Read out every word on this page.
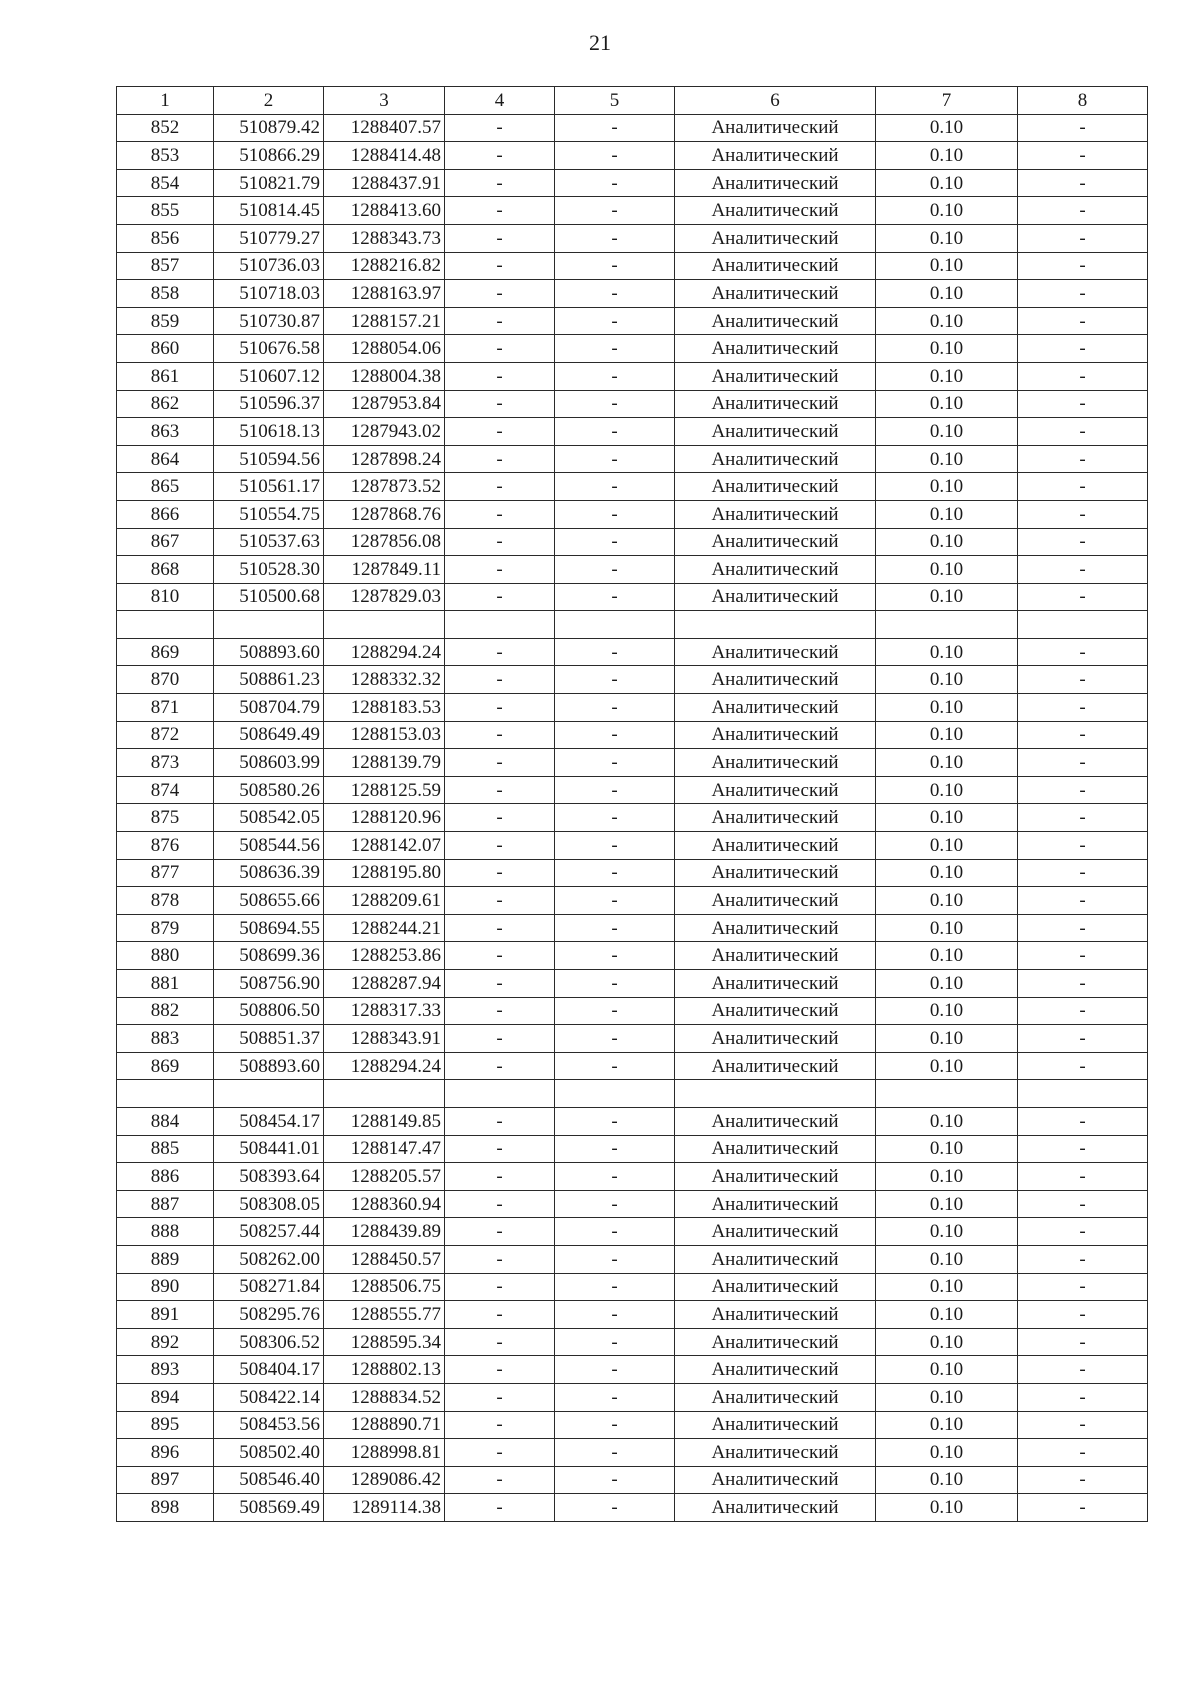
21
1	2	3	4	5	6	7	8
852	510879.42	1288407.57	-	-	Аналитический	0.10	-
853	510866.29	1288414.48	-	-	Аналитический	0.10	-
854	510821.79	1288437.91	-	-	Аналитический	0.10	-
855	510814.45	1288413.60	-	-	Аналитический	0.10	-
856	510779.27	1288343.73	-	-	Аналитический	0.10	-
857	510736.03	1288216.82	-	-	Аналитический	0.10	-
858	510718.03	1288163.97	-	-	Аналитический	0.10	-
859	510730.87	1288157.21	-	-	Аналитический	0.10	-
860	510676.58	1288054.06	-	-	Аналитический	0.10	-
861	510607.12	1288004.38	-	-	Аналитический	0.10	-
862	510596.37	1287953.84	-	-	Аналитический	0.10	-
863	510618.13	1287943.02	-	-	Аналитический	0.10	-
864	510594.56	1287898.24	-	-	Аналитический	0.10	-
865	510561.17	1287873.52	-	-	Аналитический	0.10	-
866	510554.75	1287868.76	-	-	Аналитический	0.10	-
867	510537.63	1287856.08	-	-	Аналитический	0.10	-
868	510528.30	1287849.11	-	-	Аналитический	0.10	-
810	510500.68	1287829.03	-	-	Аналитический	0.10	-

869	508893.60	1288294.24	-	-	Аналитический	0.10	-
870	508861.23	1288332.32	-	-	Аналитический	0.10	-
871	508704.79	1288183.53	-	-	Аналитический	0.10	-
872	508649.49	1288153.03	-	-	Аналитический	0.10	-
873	508603.99	1288139.79	-	-	Аналитический	0.10	-
874	508580.26	1288125.59	-	-	Аналитический	0.10	-
875	508542.05	1288120.96	-	-	Аналитический	0.10	-
876	508544.56	1288142.07	-	-	Аналитический	0.10	-
877	508636.39	1288195.80	-	-	Аналитический	0.10	-
878	508655.66	1288209.61	-	-	Аналитический	0.10	-
879	508694.55	1288244.21	-	-	Аналитический	0.10	-
880	508699.36	1288253.86	-	-	Аналитический	0.10	-
881	508756.90	1288287.94	-	-	Аналитический	0.10	-
882	508806.50	1288317.33	-	-	Аналитический	0.10	-
883	508851.37	1288343.91	-	-	Аналитический	0.10	-
869	508893.60	1288294.24	-	-	Аналитический	0.10	-

884	508454.17	1288149.85	-	-	Аналитический	0.10	-
885	508441.01	1288147.47	-	-	Аналитический	0.10	-
886	508393.64	1288205.57	-	-	Аналитический	0.10	-
887	508308.05	1288360.94	-	-	Аналитический	0.10	-
888	508257.44	1288439.89	-	-	Аналитический	0.10	-
889	508262.00	1288450.57	-	-	Аналитический	0.10	-
890	508271.84	1288506.75	-	-	Аналитический	0.10	-
891	508295.76	1288555.77	-	-	Аналитический	0.10	-
892	508306.52	1288595.34	-	-	Аналитический	0.10	-
893	508404.17	1288802.13	-	-	Аналитический	0.10	-
894	508422.14	1288834.52	-	-	Аналитический	0.10	-
895	508453.56	1288890.71	-	-	Аналитический	0.10	-
896	508502.40	1288998.81	-	-	Аналитический	0.10	-
897	508546.40	1289086.42	-	-	Аналитический	0.10	-
898	508569.49	1289114.38	-	-	Аналитический	0.10	-
